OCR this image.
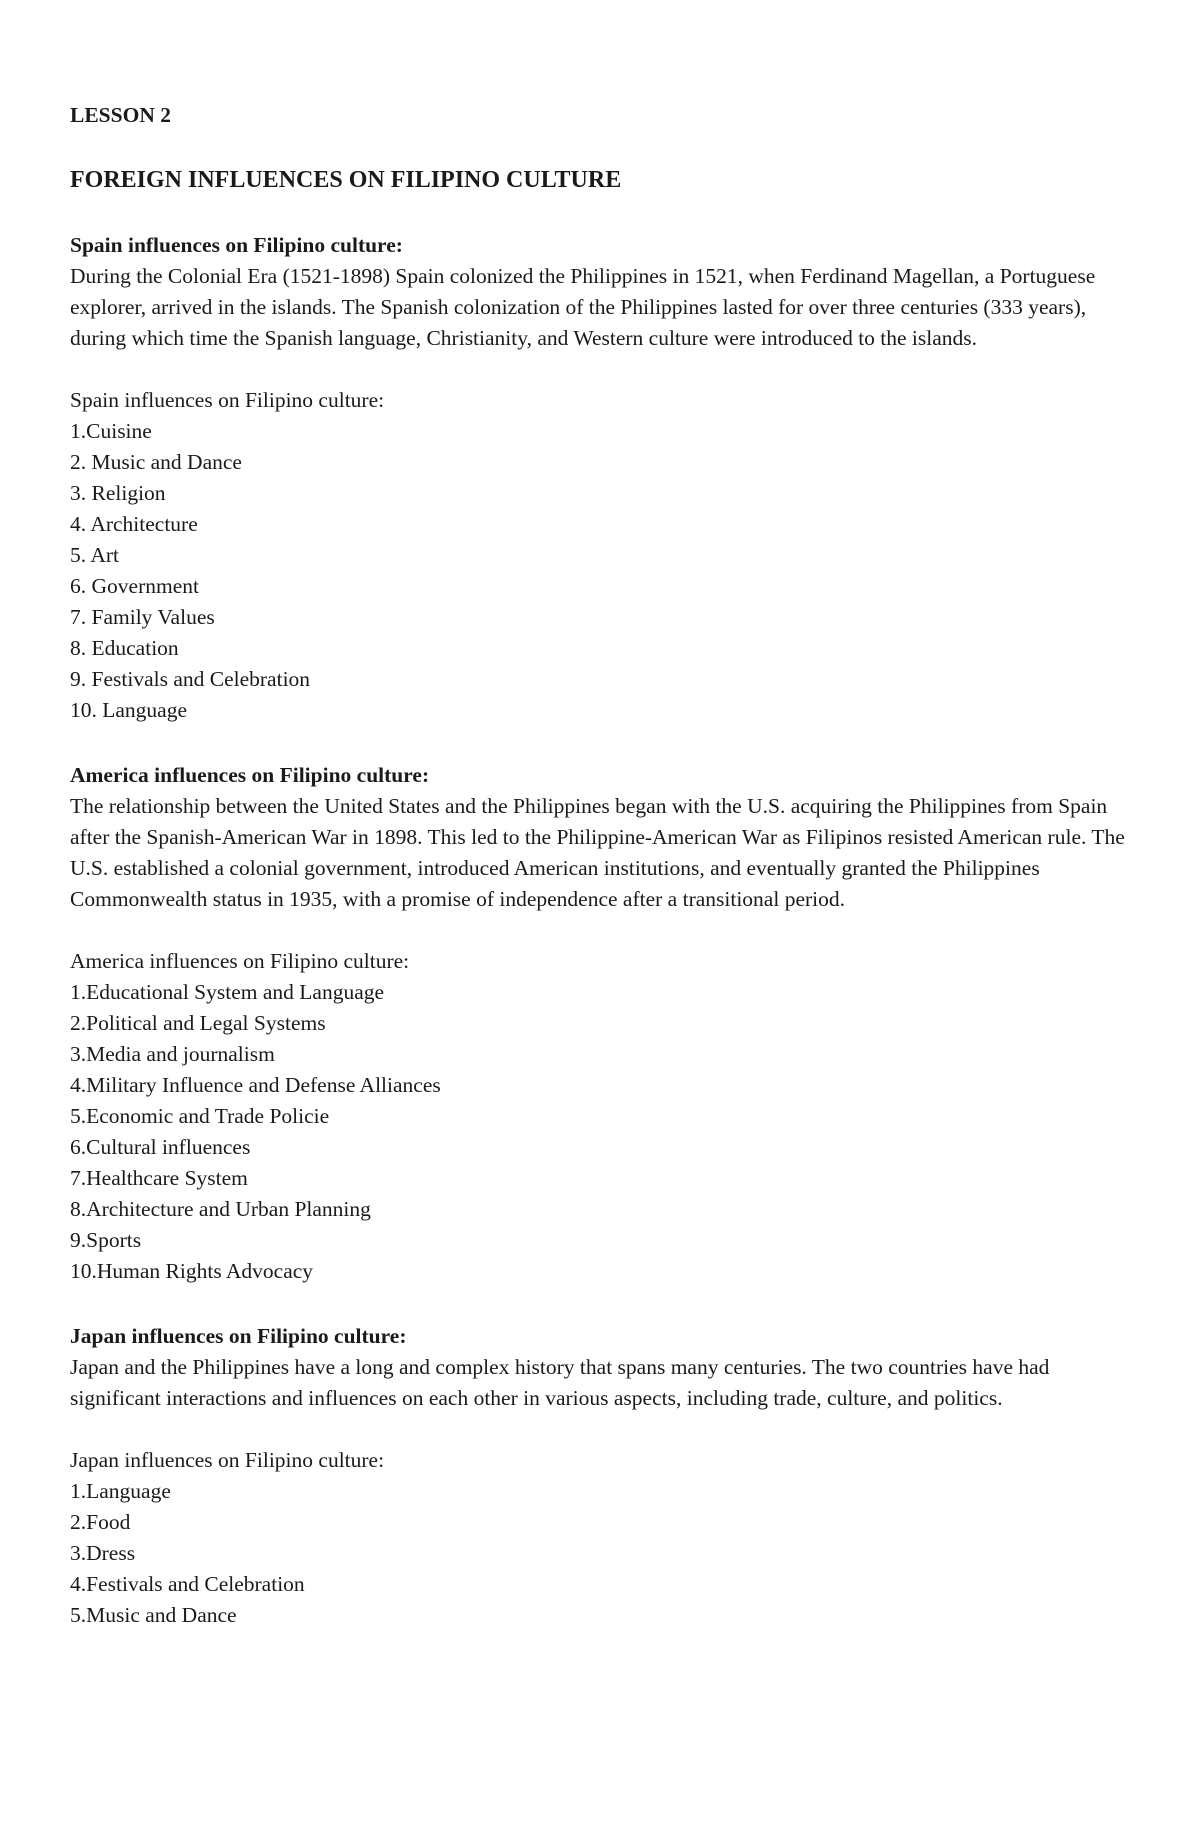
LESSON 2

FOREIGN INFLUENCES ON FILIPINO CULTURE

Spain influences on Filipino culture:

During the Colonial Era (1521-1898) Spain colonized the Philippines in 1521, when Ferdinand Magellan, a Portuguese explorer, arrived in the islands. The Spanish colonization of the Philippines lasted for over three centuries (333 years), during which time the Spanish language, Christianity, and Western culture were introduced to the islands.

Spain influences on Filipino culture:

1.Cuisine
2. Music and Dance
3. Religion
4. Architecture
5. Art
6. Government
7. Family Values
8. Education
9. Festivals and Celebration
10. Language

America influences on Filipino culture:

The relationship between the United States and the Philippines began with the U.S. acquiring the Philippines from Spain after the Spanish-American War in 1898. This led to the Philippine-American War as Filipinos resisted American rule. The U.S. established a colonial government, introduced American institutions, and eventually granted the Philippines Commonwealth status in 1935, with a promise of independence after a transitional period.

America influences on Filipino culture:

1.Educational System and Language
2.Political and Legal Systems
3.Media and journalism
4.Military Influence and Defense Alliances
5.Economic and Trade Policie
6.Cultural influences
7.Healthcare System
8.Architecture and Urban Planning
9.Sports
10.Human Rights Advocacy

Japan influences on Filipino culture:

Japan and the Philippines have a long and complex history that spans many centuries. The two countries have had significant interactions and influences on each other in various aspects, including trade, culture, and politics.

Japan influences on Filipino culture:

1.Language
2.Food
3.Dress
4.Festivals and Celebration
5.Music and Dance
